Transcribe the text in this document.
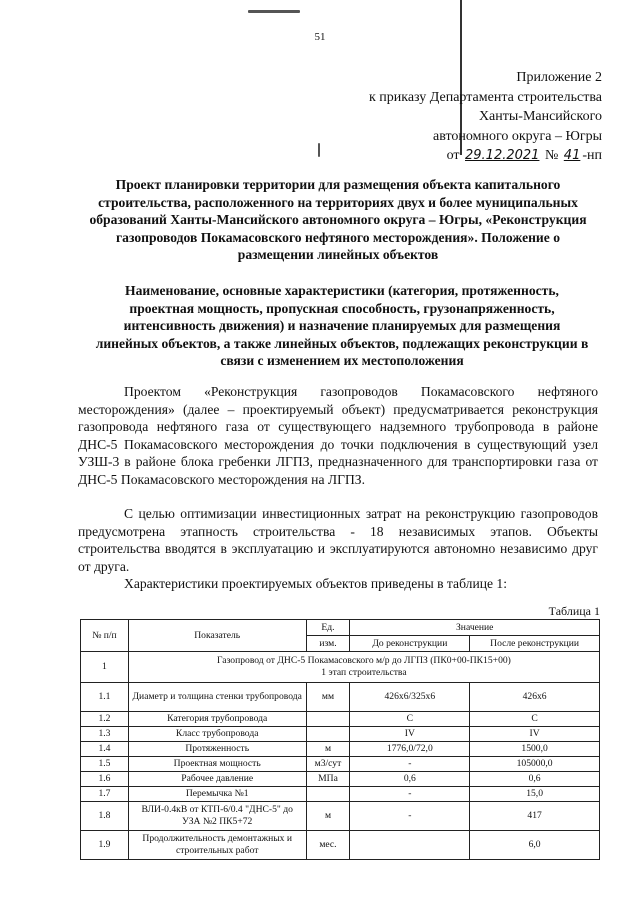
51
Приложение 2
к приказу Департамента строительства
Ханты-Мансийского
автономного округа – Югры
от 29.12.2021 № 41 -нп
Проект планировки территории для размещения объекта капитального строительства, расположенного на территориях двух и более муниципальных образований Ханты-Мансийского автономного округа – Югры, «Реконструкция газопроводов Покамасовского нефтяного месторождения». Положение о размещении линейных объектов
Наименование, основные характеристики (категория, протяженность, проектная мощность, пропускная способность, грузонапряженность, интенсивность движения) и назначение планируемых для размещения линейных объектов, а также линейных объектов, подлежащих реконструкции в связи с изменением их местоположения
Проектом «Реконструкция газопроводов Покамасовского нефтяного месторождения» (далее – проектируемый объект) предусматривается реконструкция газопровода нефтяного газа от существующего надземного трубопровода в районе ДНС-5 Покамасовского месторождения до точки подключения в существующий узел УЗШ-3 в районе блока гребенки ЛГПЗ, предназначенного для транспортировки газа от ДНС-5 Покамасовского месторождения на ЛГПЗ.
С целью оптимизации инвестиционных затрат на реконструкцию газопроводов предусмотрена этапность строительства - 18 независимых этапов. Объекты строительства вводятся в эксплуатацию и эксплуатируются автономно независимо друг от друга.
Характеристики проектируемых объектов приведены в таблице 1:
Таблица 1
№ п/п	Показатель	Ед.	Значение	
		изм.	До реконструкции	После реконструкции
1	Газопровод от ДНС-5 Покамасовского м/р до ЛГПЗ (ПК0+00-ПК15+00)
1 этап строительства			

1.1	Диаметр и толщина стенки трубопровода	мм	426x6/325x6	426x6
1.2	Категория трубопровода		С	С
1.3	Класс трубопровода		IV	IV
1.4	Протяженность	м	1776,0/72,0	1500,0
1.5	Проектная мощность	м3/сут	-	105000,0
1.6	Рабочее давление	МПа	0,6	0,6
1.7	Перемычка №1		-	15,0
1.8	ВЛИ-0.4кВ от КТП-6/0.4 "ДНС-5" до УЗА №2 ПК5+72	м	-	417
1.9	Продолжительность демонтажных и строительных работ	мес.		6,0
